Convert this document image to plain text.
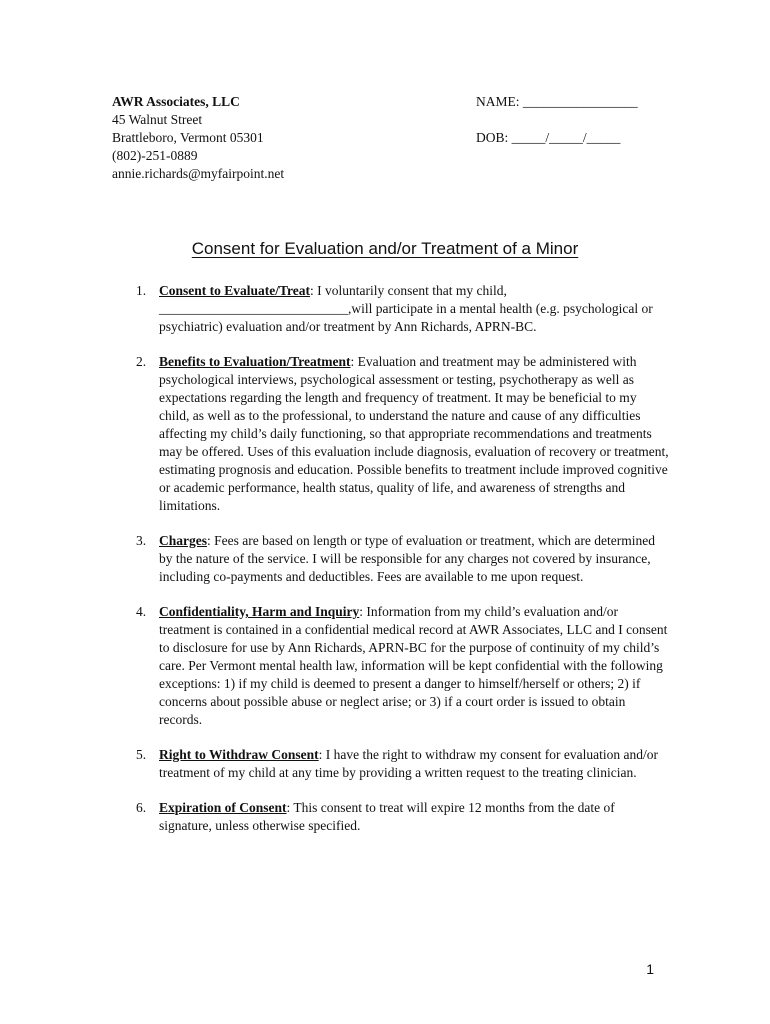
AWR Associates, LLC
45 Walnut Street
Brattleboro, Vermont 05301
(802)-251-0889
annie.richards@myfairpoint.net
NAME: _________________
DOB: _____/_____/_____
Consent for Evaluation and/or Treatment of a Minor
1. Consent to Evaluate/Treat: I voluntarily consent that my child, ____________________________,will participate in a mental health (e.g. psychological or psychiatric) evaluation and/or treatment by Ann Richards, APRN-BC.
2. Benefits to Evaluation/Treatment: Evaluation and treatment may be administered with psychological interviews, psychological assessment or testing, psychotherapy as well as expectations regarding the length and frequency of treatment. It may be beneficial to my child, as well as to the professional, to understand the nature and cause of any difficulties affecting my child’s daily functioning, so that appropriate recommendations and treatments may be offered. Uses of this evaluation include diagnosis, evaluation of recovery or treatment, estimating prognosis and education. Possible benefits to treatment include improved cognitive or academic performance, health status, quality of life, and awareness of strengths and limitations.
3. Charges: Fees are based on length or type of evaluation or treatment, which are determined by the nature of the service. I will be responsible for any charges not covered by insurance, including co-payments and deductibles. Fees are available to me upon request.
4. Confidentiality, Harm and Inquiry: Information from my child’s evaluation and/or treatment is contained in a confidential medical record at AWR Associates, LLC and I consent to disclosure for use by Ann Richards, APRN-BC for the purpose of continuity of my child’s care. Per Vermont mental health law, information will be kept confidential with the following exceptions: 1) if my child is deemed to present a danger to himself/herself or others; 2) if concerns about possible abuse or neglect arise; or 3) if a court order is issued to obtain records.
5. Right to Withdraw Consent: I have the right to withdraw my consent for evaluation and/or treatment of my child at any time by providing a written request to the treating clinician.
6. Expiration of Consent: This consent to treat will expire 12 months from the date of signature, unless otherwise specified.
1
